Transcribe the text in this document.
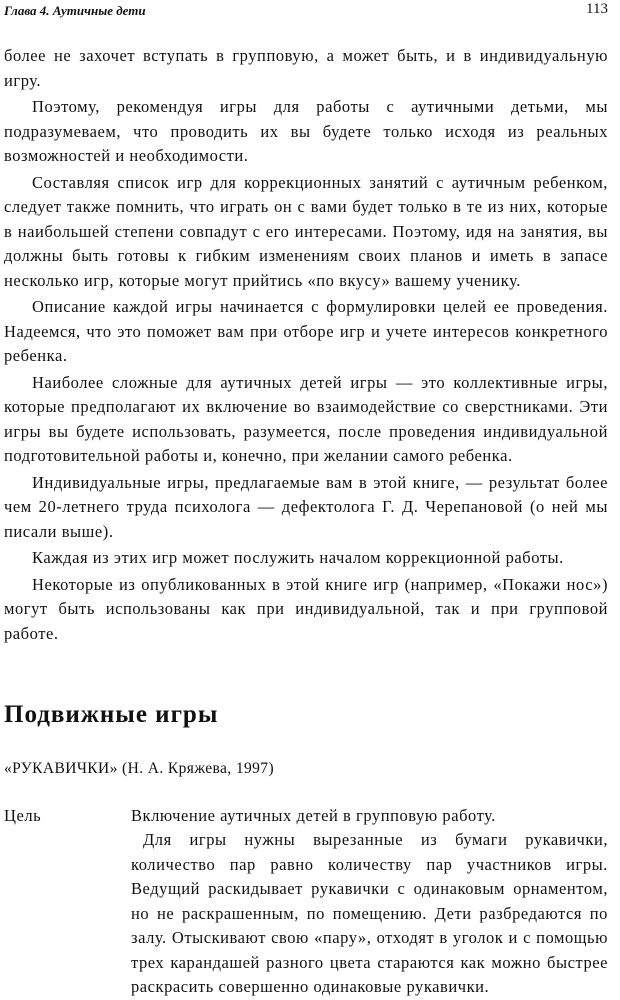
Глава 4. Аутичные дети	113

более не захочет вступать в групповую, а может быть, и в индивидуальную игру.

Поэтому, рекомендуя игры для работы с аутичными детьми, мы подразумеваем, что проводить их вы будете только исходя из реальных возможностей и необходимости.

Составляя список игр для коррекционных занятий с аутичным ребенком, следует также помнить, что играть он с вами будет только в те из них, которые в наибольшей степени совпадут с его интересами. Поэтому, идя на занятия, вы должны быть готовы к гибким изменениям своих планов и иметь в запасе несколько игр, которые могут прийтись «по вкусу» вашему ученику.

Описание каждой игры начинается с формулировки целей ее проведения. Надеемся, что это поможет вам при отборе игр и учете интересов конкретного ребенка.

Наиболее сложные для аутичных детей игры — это коллективные игры, которые предполагают их включение во взаимодействие со сверстниками. Эти игры вы будете использовать, разумеется, после проведения индивидуальной подготовительной работы и, конечно, при желании самого ребенка.

Индивидуальные игры, предлагаемые вам в этой книге, — результат более чем 20-летнего труда психолога — дефектолога Г. Д. Черепановой (о ней мы писали выше).

Каждая из этих игр может послужить началом коррекционной работы.

Некоторые из опубликованных в этой книге игр (например, «Покажи нос») могут быть использованы как при индивидуальной, так и при групповой работе.

Подвижные игры
«РУКАВИЧКИ» (Н. А. Кряжева, 1997)
Цель	Включение аутичных детей в групповую работу.

Для игры нужны вырезанные из бумаги рукавички, количество пар равно количеству пар участников игры. Ведущий раскидывает рукавички с одинаковым орнаментом, но не раскрашенным, по помещению. Дети разбредаются по залу. Отыскивают свою «пару», отходят в уголок и с помощью трех карандашей разного цвета стараются как можно быстрее раскрасить совершенно одинаковые рукавички.
